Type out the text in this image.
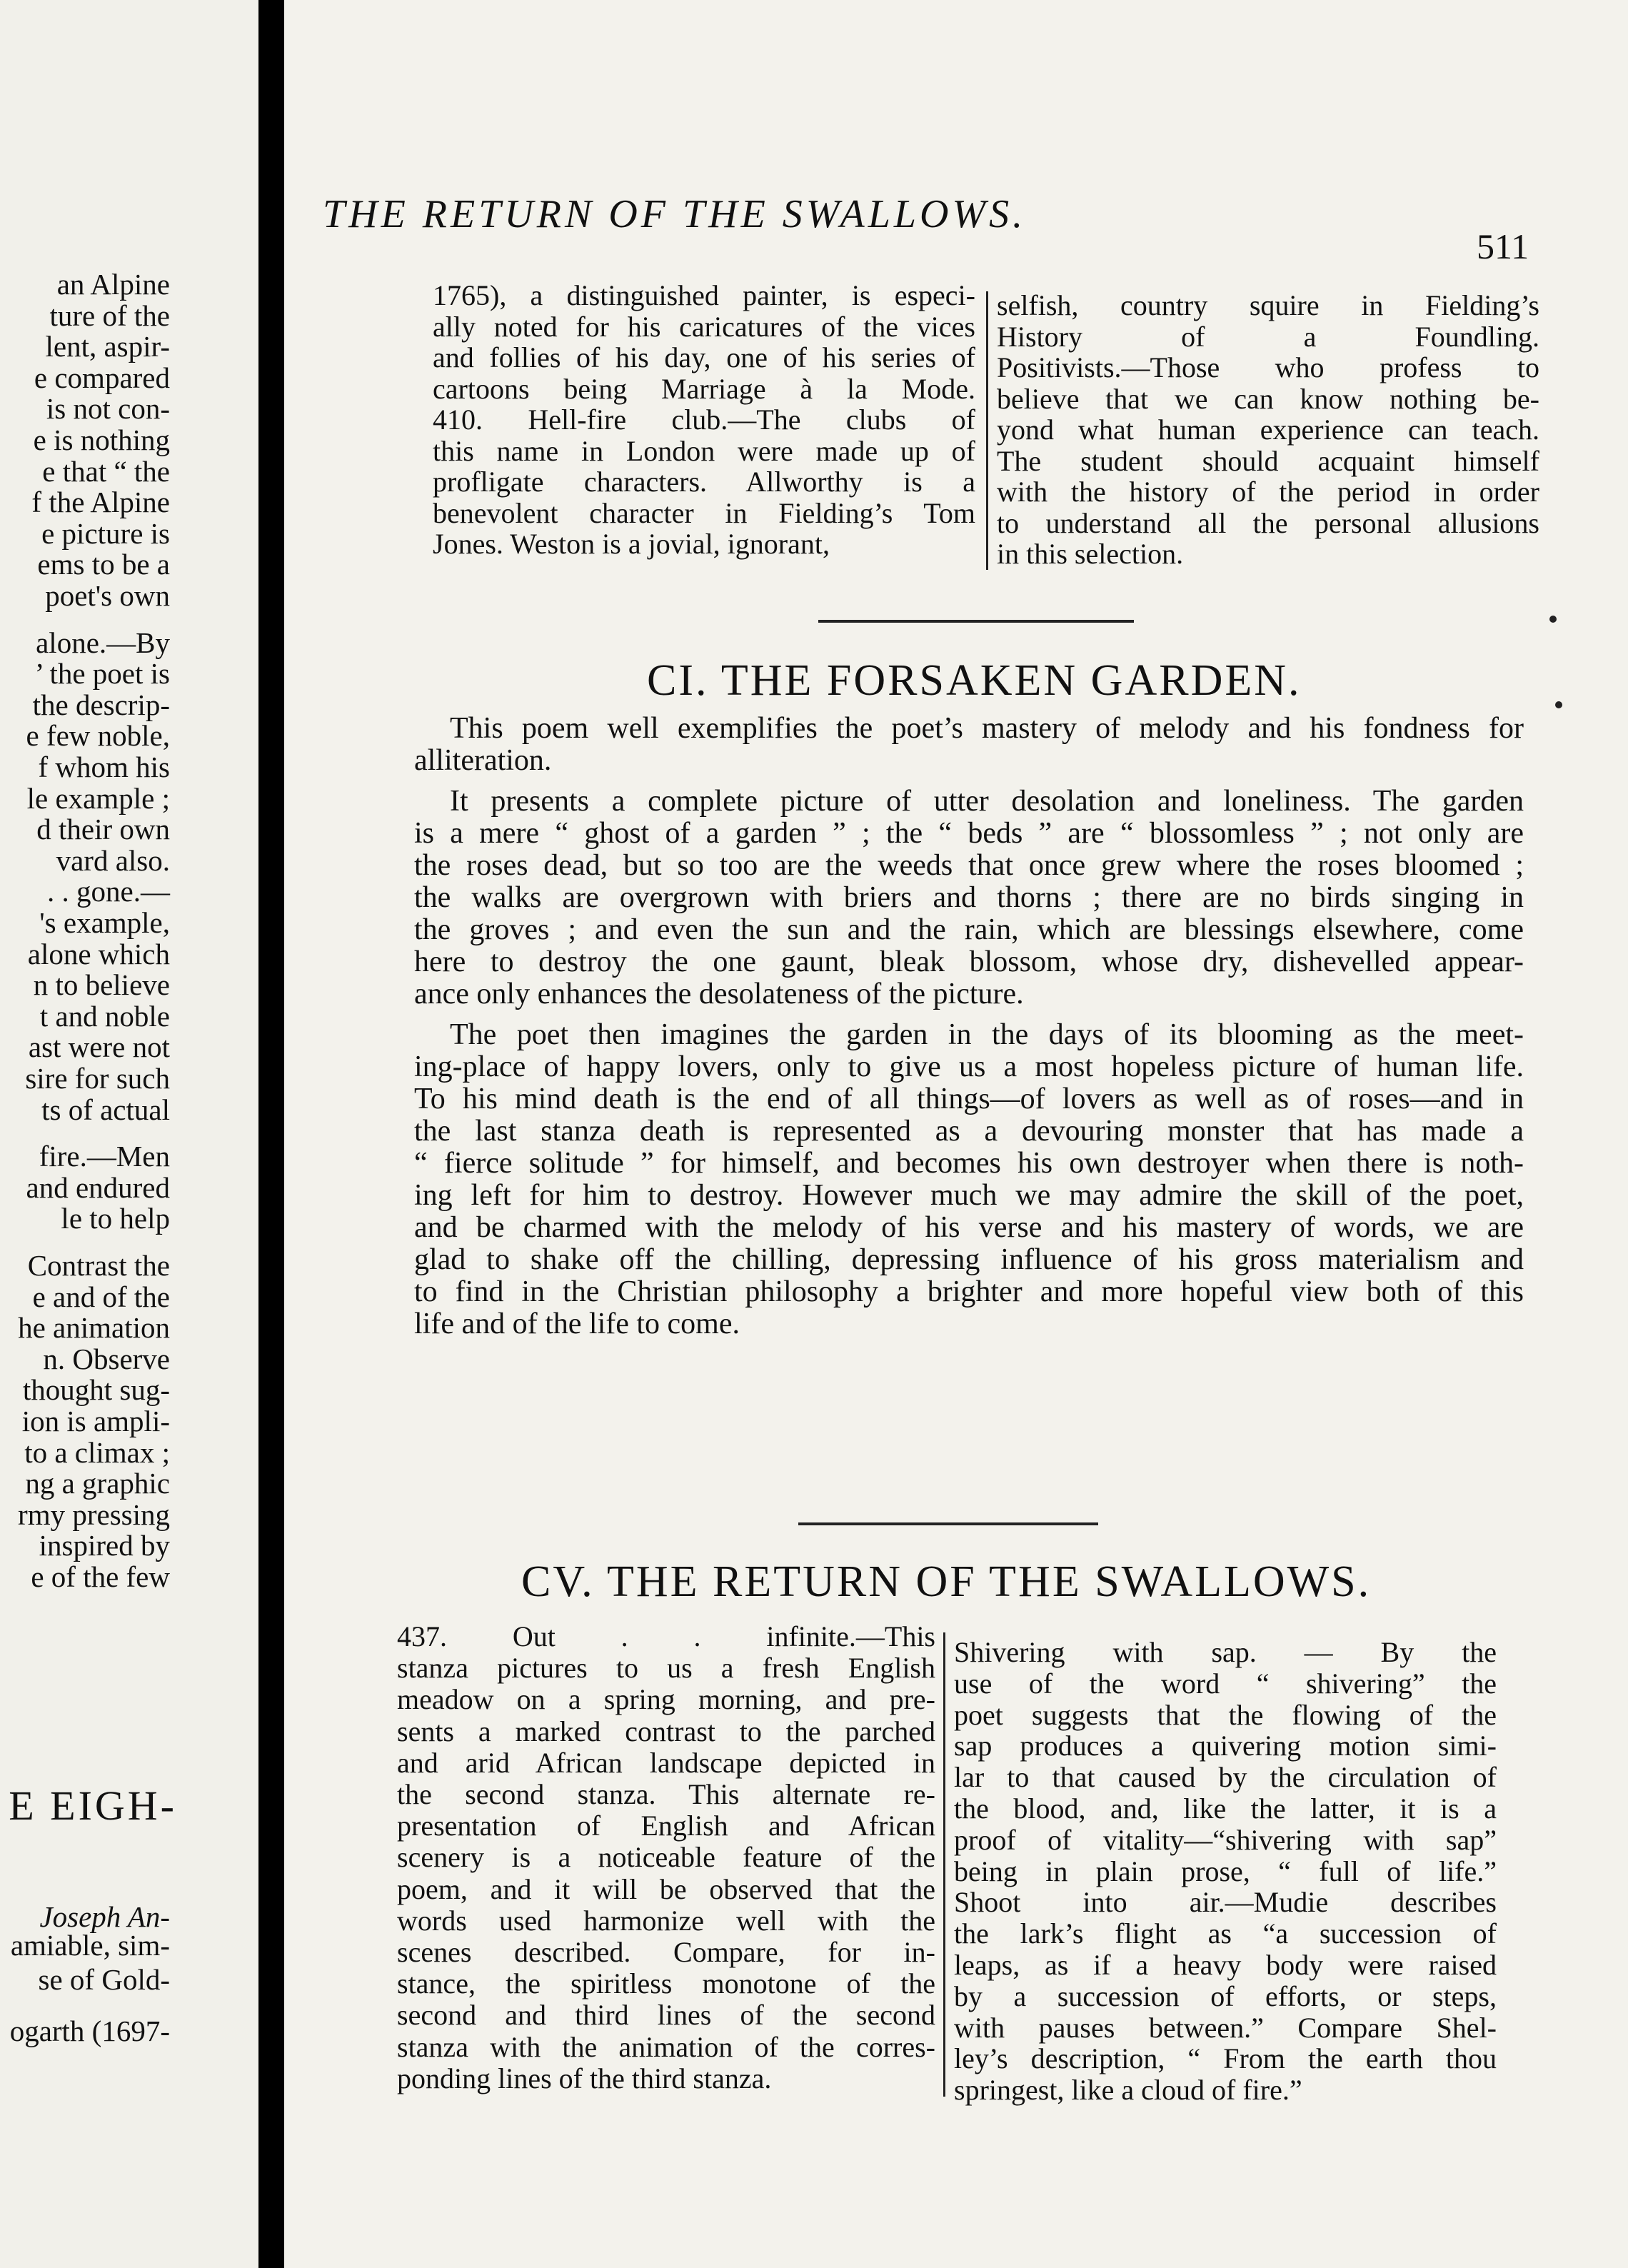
an Alpine
ture of the
lent, aspir-
e compared
is not con-
e is nothing
e that “ the
f the Alpine
e picture is
ems to be a
poet's own
alone.—By
’ the poet is
the descrip-
e few noble,
f whom his
le example ;
d their own
vard also.
. . gone.—
's example,
alone which
n to believe
t and noble
ast were not
sire for such
ts of actual
fire.—Men
and endured
le to help
Contrast the
e and of the
he animation
n. Observe
thought sug-
ion is ampli-
to a climax ;
ng a graphic
rmy pressing
inspired by
e of the few
E EIGH-
Joseph An-
amiable, sim-
se of Gold-
ogarth (1697-
THE RETURN OF THE SWALLOWS.
511
1765), a distinguished painter, is especi-
ally noted for his caricatures of the vices
and follies of his day, one of his series of
cartoons being Marriage à la Mode.
410. Hell-fire club.—The clubs of
this name in London were made up of
profligate characters. Allworthy is a
benevolent character in Fielding’s Tom
Jones. Weston is a jovial, ignorant,
selfish, country squire in Fielding’s
History of a Foundling.
Positivists.—Those who profess to
believe that we can know nothing be-
yond what human experience can teach.
The student should acquaint himself
with the history of the period in order
to understand all the personal allusions
in this selection.
CI. THE FORSAKEN GARDEN.
This poem well exemplifies the poet’s mastery of melody and his fondness for
alliteration.
It presents a complete picture of utter desolation and loneliness. The garden
is a mere “ ghost of a garden ” ; the “ beds ” are “ blossomless ” ; not only are
the roses dead, but so too are the weeds that once grew where the roses bloomed ;
the walks are overgrown with briers and thorns ; there are no birds singing in
the groves ; and even the sun and the rain, which are blessings elsewhere, come
here to destroy the one gaunt, bleak blossom, whose dry, dishevelled appear-
ance only enhances the desolateness of the picture.
The poet then imagines the garden in the days of its blooming as the meet-
ing-place of happy lovers, only to give us a most hopeless picture of human life.
To his mind death is the end of all things—of lovers as well as of roses—and in
the last stanza death is represented as a devouring monster that has made a
“ fierce solitude ” for himself, and becomes his own destroyer when there is noth-
ing left for him to destroy. However much we may admire the skill of the poet,
and be charmed with the melody of his verse and his mastery of words, we are
glad to shake off the chilling, depressing influence of his gross materialism and
to find in the Christian philosophy a brighter and more hopeful view both of this
life and of the life to come.
CV. THE RETURN OF THE SWALLOWS.
437. Out . . infinite.—This
stanza pictures to us a fresh English
meadow on a spring morning, and pre-
sents a marked contrast to the parched
and arid African landscape depicted in
the second stanza. This alternate re-
presentation of English and African
scenery is a noticeable feature of the
poem, and it will be observed that the
words used harmonize well with the
scenes described. Compare, for in-
stance, the spiritless monotone of the
second and third lines of the second
stanza with the animation of the corres-
ponding lines of the third stanza.
Shivering with sap. — By the
use of the word “ shivering” the
poet suggests that the flowing of the
sap produces a quivering motion simi-
lar to that caused by the circulation of
the blood, and, like the latter, it is a
proof of vitality—“shivering with sap”
being in plain prose, “ full of life.”
Shoot into air.—Mudie describes
the lark’s flight as “a succession of
leaps, as if a heavy body were raised
by a succession of efforts, or steps,
with pauses between.” Compare Shel-
ley’s description, “ From the earth thou
springest, like a cloud of fire.”
